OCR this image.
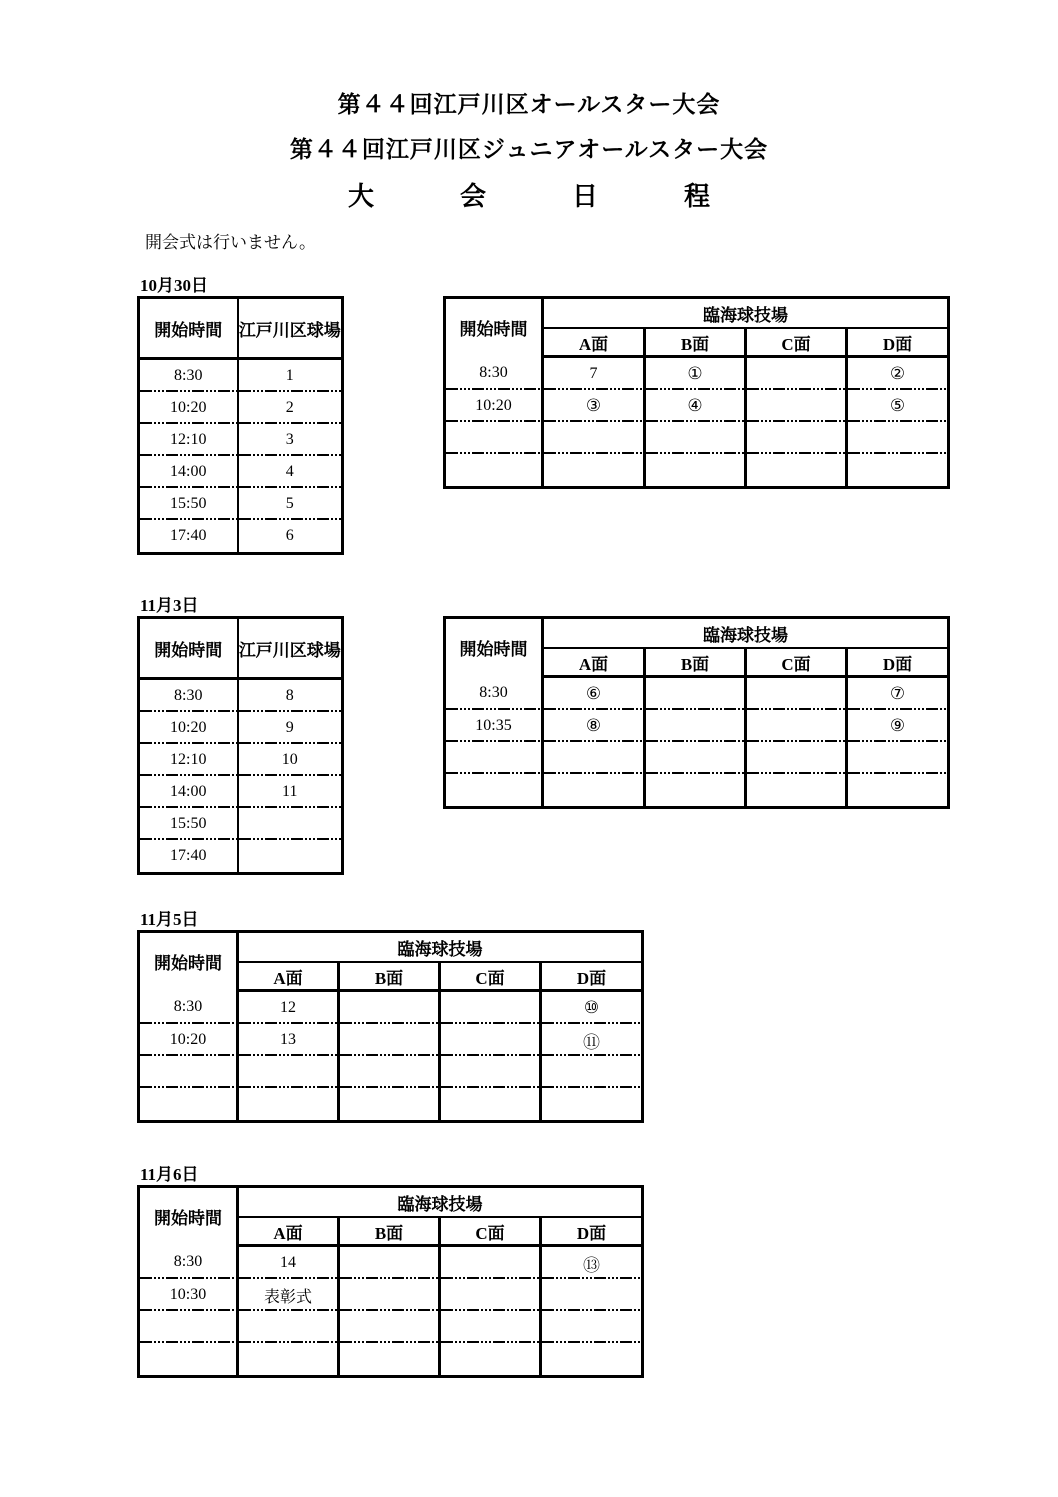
第４４回江戸川区オールスター大会
第４４回江戸川区ジュニアオールスター大会
大	会	日	程
開会式は行いません。
10月30日
開始時間	江戸川区球場
8:30	1
10:20	2
12:10	3
14:00	4
15:50	5
17:40	6
開始時間	臨海球技場			
	A面	B面	C面	D面
8:30	7	①		②
10:20	③	④		⑤

11月3日
開始時間	江戸川区球場
8:30	8
10:20	9
12:10	10
14:00	11
15:50	
17:40	
開始時間	臨海球技場			
	A面	B面	C面	D面
8:30	⑥			⑦
10:35	⑧			⑨

11月5日
開始時間	臨海球技場			
	A面	B面	C面	D面
8:30	12			⑩
10:20	13			⑪

11月6日
開始時間	臨海球技場			
	A面	B面	C面	D面
8:30	14			⑬
10:30	表彰式			
